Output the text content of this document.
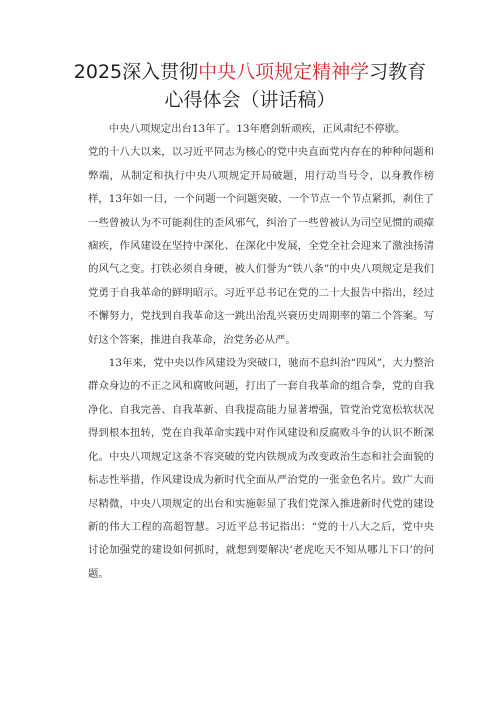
2025深入贯彻中央八项规定精神学习教育
心得体会（讲话稿）

中央八项规定出台13年了。13年磨剑斩顽疾，正风肃纪不停歇。

党的十八大以来，以习近平同志为核心的党中央直面党内存在的种种问题和弊端，从制定和执行中央八项规定开局破题，用行动当号令，以身教作榜样，13年如一日，一个问题一个问题突破、一个节点一个节点紧抓，刹住了一些曾被认为不可能刹住的歪风邪气，纠治了一些曾被认为司空见惯的顽瘴痼疾，作风建设在坚持中深化、在深化中发展，全党全社会迎来了激浊扬清的风气之变。打铁必须自身硬，被人们誉为“铁八条”的中央八项规定是我们党勇于自我革命的鲜明昭示。习近平总书记在党的二十大报告中指出，经过不懈努力，党找到自我革命这一跳出治乱兴衰历史周期率的第二个答案。写好这个答案，推进自我革命，治党务必从严。

13年来，党中央以作风建设为突破口，驰而不息纠治“四风”，大力整治群众身边的不正之风和腐败问题，打出了一套自我革命的组合拳，党的自我净化、自我完善、自我革新、自我提高能力显著增强，管党治党宽松软状况得到根本扭转，党在自我革命实践中对作风建设和反腐败斗争的认识不断深化。中央八项规定这条不容突破的党内铁规成为改变政治生态和社会面貌的标志性举措，作风建设成为新时代全面从严治党的一张金色名片。致广大而尽精微，中央八项规定的出台和实施彰显了我们党深入推进新时代党的建设新的伟大工程的高超智慧。习近平总书记指出：“党的十八大之后，党中央讨论加强党的建设如何抓时，就想到要解决‘老虎吃天不知从哪儿下口’的问题。
